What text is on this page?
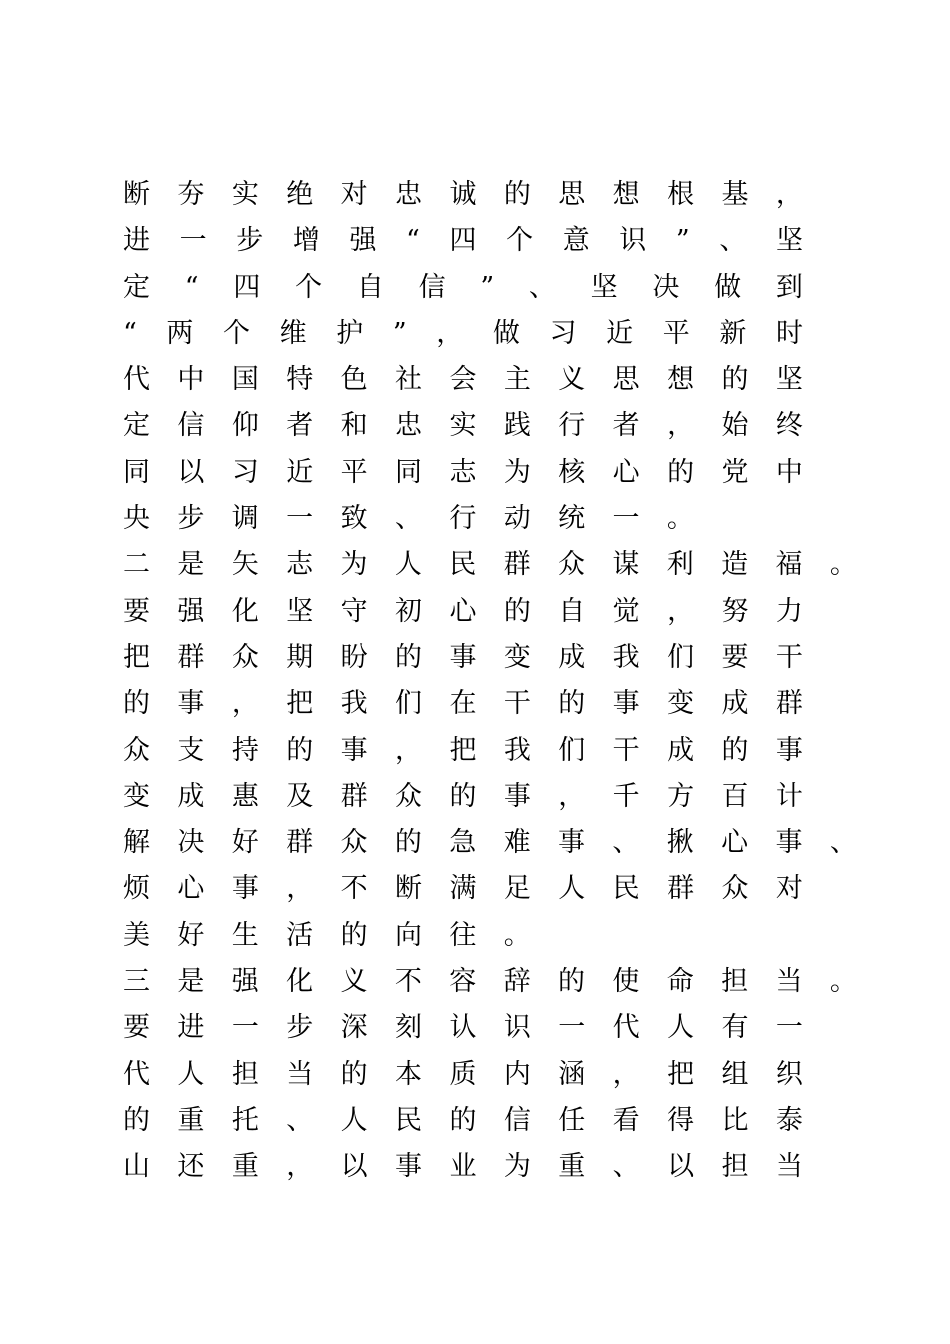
断 夯 实 绝 对 忠 诚 的 思 想 根 基 ，
进 一 步 增 强 “ 四 个 意 识 ” 、 坚
定 “ 四 个 自 信 ” 、 坚 决 做 到
“ 两 个 维 护 ” ， 做 习 近 平 新 时
代 中 国 特 色 社 会 主 义 思 想 的 坚
定 信 仰 者 和 忠 实 践 行 者 ， 始 终
同 以 习 近 平 同 志 为 核 心 的 党 中
央	步	调	一	致	、	行	动	统	一	。
二 是 矢 志 为 人 民 群 众 谋 利 造 福 。
要 强 化 坚 守 初 心 的 自 觉 ， 努 力
把 群 众 期 盼 的 事 变 成 我 们 要 干
的 事 ， 把 我 们 在 干 的 事 变 成 群
众 支 持 的 事 ， 把 我 们 干 成 的 事
变 成 惠 及 群 众 的 事 ， 千 方 百 计
解 决 好 群 众 的 急 难 事 、 揪 心 事 、
烦 心 事 ， 不 断 满 足 人 民 群 众 对
美	好	生	活	的	向	往	。
三 是 强 化 义 不 容 辞 的 使 命 担 当 。
要 进 一 步 深 刻 认 识 一 代 人 有 一
代 人 担 当 的 本 质 内 涵 ， 把 组 织
的 重 托 、 人 民 的 信 任 看 得 比 泰
山 还 重 ， 以 事 业 为 重 、 以 担 当
